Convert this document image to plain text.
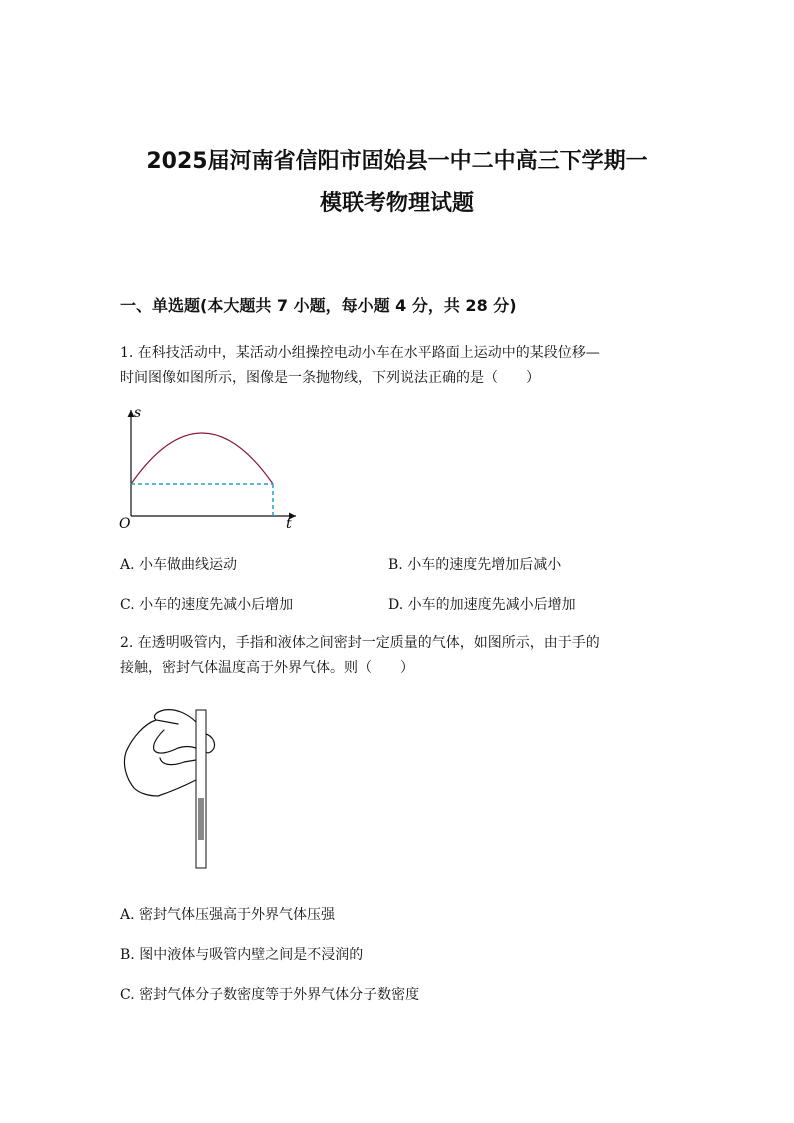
2025届河南省信阳市固始县一中二中高三下学期一
模联考物理试题
一、单选题(本大题共 7 小题，每小题 4 分，共 28 分)
1. 在科技活动中，某活动小组操控电动小车在水平路面上运动中的某段位移—
时间图像如图所示，图像是一条抛物线，下列说法正确的是（　　）
s
t
O
A. 小车做曲线运动	B. 小车的速度先增加后减小
C. 小车的速度先减小后增加	D. 小车的加速度先减小后增加
2. 在透明吸管内，手指和液体之间密封一定质量的气体，如图所示，由于手的
接触，密封气体温度高于外界气体。则（　　）
A. 密封气体压强高于外界气体压强
B. 图中液体与吸管内壁之间是不浸润的
C. 密封气体分子数密度等于外界气体分子数密度
